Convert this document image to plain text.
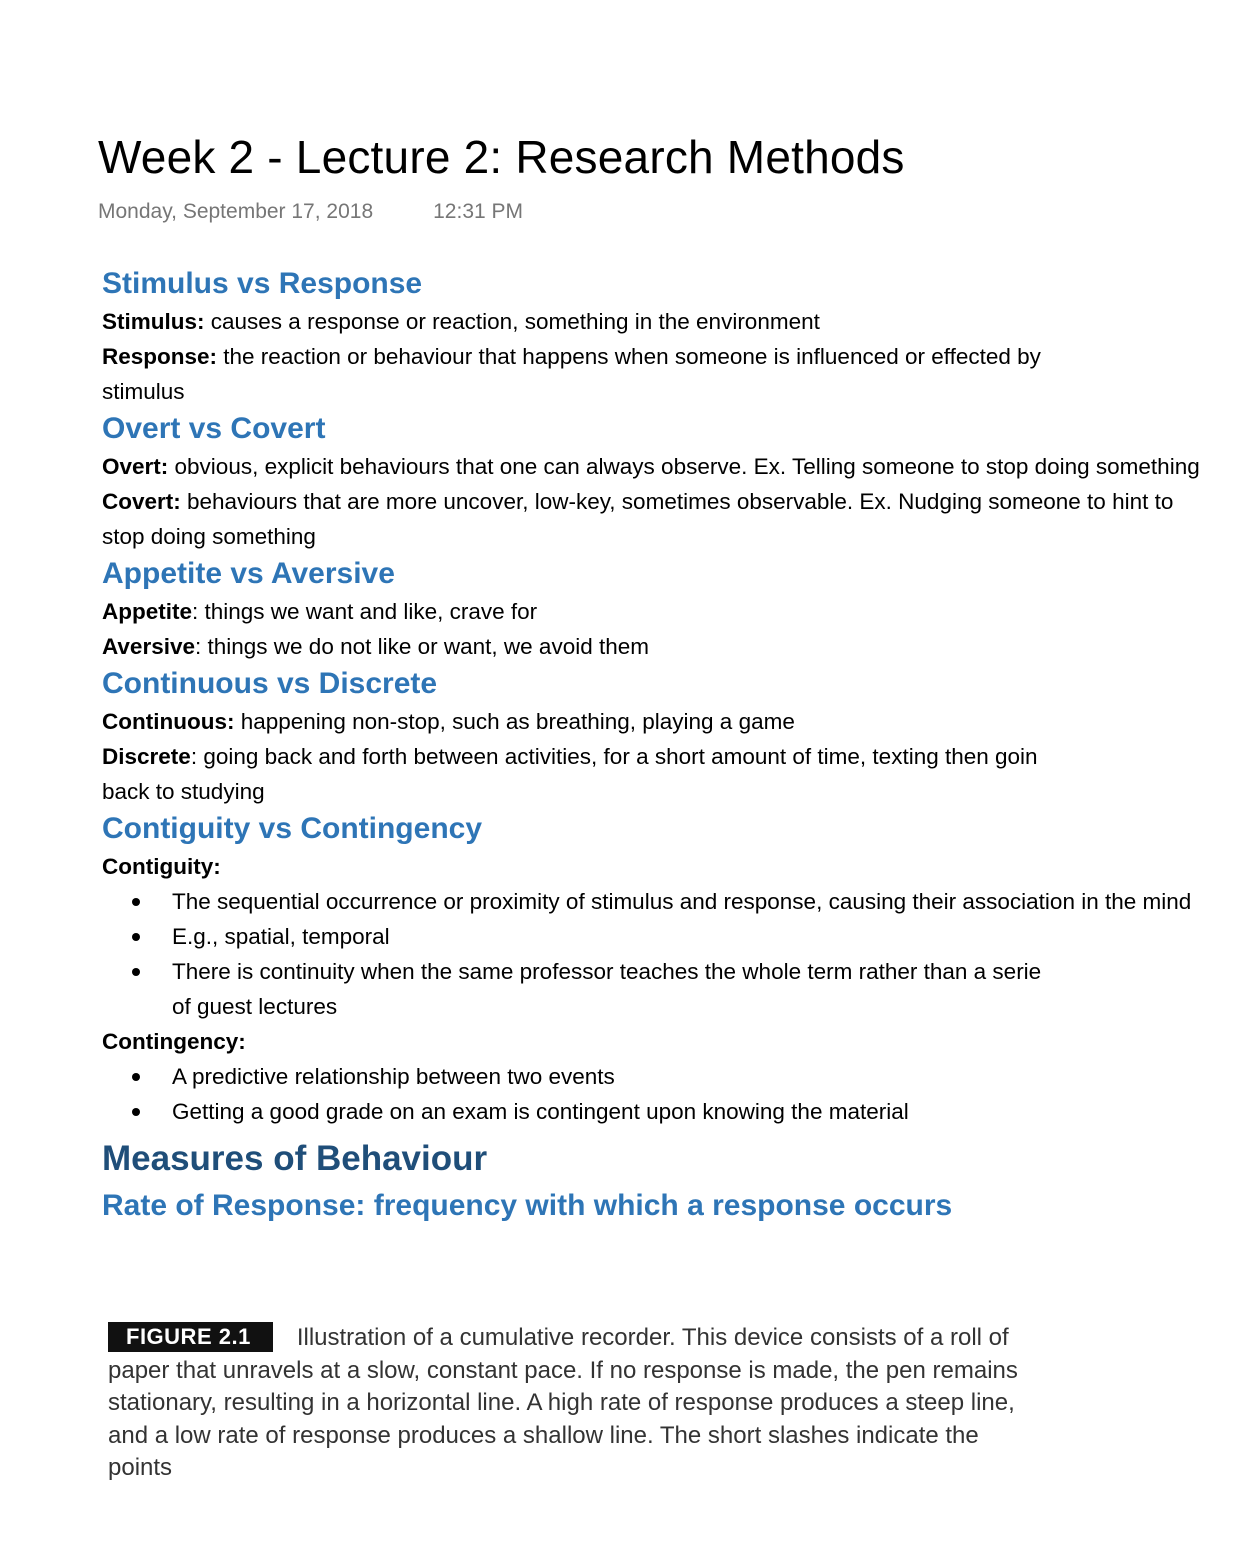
Week 2 - Lecture 2: Research Methods
Monday, September 17, 2018	12:31 PM
Stimulus vs Response

Stimulus: causes a response or reaction, something in the environment

Response: the reaction or behaviour that happens when someone is influenced or effected by

stimulus

Overt vs Covert

Overt: obvious, explicit behaviours that one can always observe. Ex. Telling someone to stop doing something

Covert: behaviours that are more uncover, low-key, sometimes observable. Ex. Nudging someone to hint to stop doing something

Appetite vs Aversive

Appetite: things we want and like, crave for

Aversive: things we do not like or want, we avoid them

Continuous vs Discrete

Continuous: happening non-stop, such as breathing, playing a game

Discrete: going back and forth between activities, for a short amount of time, texting then goin

back to studying

Contiguity vs Contingency

Contiguity:

The sequential occurrence or proximity of stimulus and response, causing their association in the mind
E.g., spatial, temporal
There is continuity when the same professor teaches the whole term rather than a serie
of guest lectures

Contingency:

A predictive relationship between two events
Getting a good grade on an exam is contingent upon knowing the material
Measures of Behaviour
Rate of Response: frequency with which a response occurs
FIGURE 2.1 Illustration of a cumulative recorder. This device consists of a roll of paper that unravels at a slow, constant pace. If no response is made, the pen remains stationary, resulting in a horizontal line. A high rate of response produces a steep line, and a low rate of response produces a shallow line. The short slashes indicate the points
